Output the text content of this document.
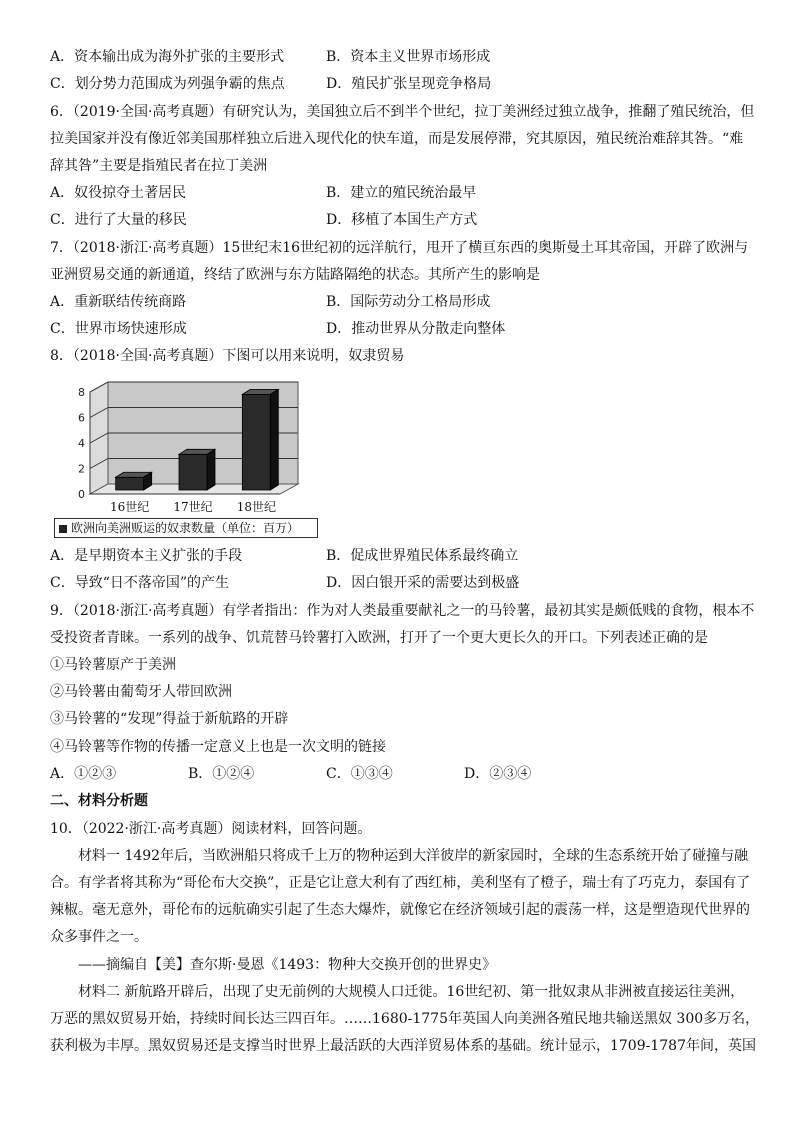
A．资本输出成为海外扩张的主要形式	B．资本主义世界市场形成
C．划分势力范围成为列强争霸的焦点	D．殖民扩张呈现竞争格局
6．（2019·全国·高考真题）有研究认为，美国独立后不到半个世纪，拉丁美洲经过独立战争，推翻了殖民统治，但
拉美国家并没有像近邻美国那样独立后进入现代化的快车道，而是发展停滞，究其原因，殖民统治难辞其咎。“难
辞其咎”主要是指殖民者在拉丁美洲
A．奴役掠夺土著居民	B．建立的殖民统治最早
C．进行了大量的移民	D．移植了本国生产方式
7．（2018·浙江·高考真题）15世纪末16世纪初的远洋航行，甩开了横亘东西的奥斯曼土耳其帝国，开辟了欧洲与
亚洲贸易交通的新通道，终结了欧洲与东方陆路隔绝的状态。其所产生的影响是
A．重新联结传统商路	B．国际劳动分工格局形成
C．世界市场快速形成	D．推动世界从分散走向整体
8．（2018·全国·高考真题）下图可以用来说明，奴隶贸易
0
2
4
6
8
16世纪 17世纪 18世纪
欧洲向美洲贩运的奴隶数量（单位：百万）
A．是早期资本主义扩张的手段	B．促成世界殖民体系最终确立
C．导致“日不落帝国”的产生	D．因白银开采的需要达到极盛
9．（2018·浙江·高考真题）有学者指出：作为对人类最重要献礼之一的马铃薯，最初其实是颇低贱的食物，根本不
受投资者青睐。一系列的战争、饥荒替马铃薯打入欧洲，打开了一个更大更长久的开口。下列表述正确的是
①马铃薯原产于美洲
②马铃薯由葡萄牙人带回欧洲
③马铃薯的“发现”得益于新航路的开辟
④马铃薯等作物的传播一定意义上也是一次文明的链接
A．①②③	B．①②④	C．①③④	D．②③④
二、材料分析题
10．（2022·浙江·高考真题）阅读材料，回答问题。
材料一 1492年后，当欧洲船只将成千上万的物种运到大洋彼岸的新家园时，全球的生态系统开始了碰撞与融
合。有学者将其称为“哥伦布大交换”，正是它让意大利有了西红柿，美利坚有了橙子，瑞士有了巧克力，泰国有了
辣椒。毫无意外，哥伦布的远航确实引起了生态大爆炸，就像它在经济领域引起的震荡一样，这是塑造现代世界的
众多事件之一。
——摘编自【美】查尔斯·曼恩《1493：物种大交换开创的世界史》
材料二 新航路开辟后，出现了史无前例的大规模人口迁徙。16世纪初、第一批奴隶从非洲被直接运往美洲，
万恶的黑奴贸易开始，持续时间长达三四百年。……1680-1775年英国人向美洲各殖民地共输送黑奴 300多万名，
获利极为丰厚。黑奴贸易还是支撑当时世界上最活跃的大西洋贸易体系的基础。统计显示，1709-1787年间，英国
